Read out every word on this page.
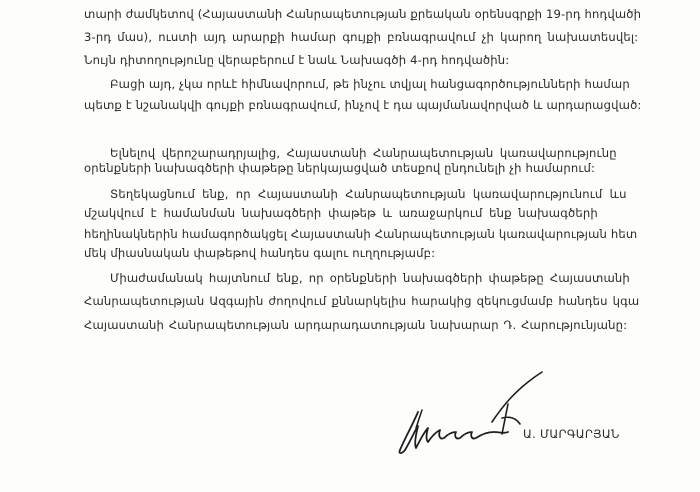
տարի ժամկետով (Հայաստանի Հանրապետության քրեական օրենսգրքի 19-րդ հոդվածի
3-րդ մաս), ուստի այդ արարքի համար գույքի բռնագրավում չի կարող նախատեսվել:
Նույն դիտողությունը վերաբերում է նաև Նախագծի 4-րդ հոդվածին:
Բացի այդ, չկա որևէ հիմնավորում, թե ինչու տվյալ հանցագործությունների համար
պետք է նշանակվի գույքի բռնագրավում, ինչով է դա պայմանավորված և արդարացված:
Ելնելով վերոշարադրյալից, Հայաստանի Հանրապետության կառավարությունը
օրենքների նախագծերի փաթեթը ներկայացված տեսքով ընդունելի չի համարում:
Տեղեկացնում ենք, որ Հայաստանի Հանրապետության կառավարությունում ևս
մշակվում է համանման նախագծերի փաթեթ և առաջարկում ենք նախագծերի
հեղինակներին համագործակցել Հայաստանի Հանրապետության կառավարության հետ
մեկ միասնական փաթեթով հանդես գալու ուղղությամբ:
Միաժամանակ հայտնում ենք, որ օրենքների նախագծերի փաթեթը Հայաստանի
Հանրապետության Ազգային ժողովում քննարկելիս հարակից զեկուցմամբ հանդես կգա
Հայաստանի Հանրապետության արդարադատության նախարար Դ. Հարությունյանը:
Ա. ՄԱՐԳԱՐՅԱՆ
